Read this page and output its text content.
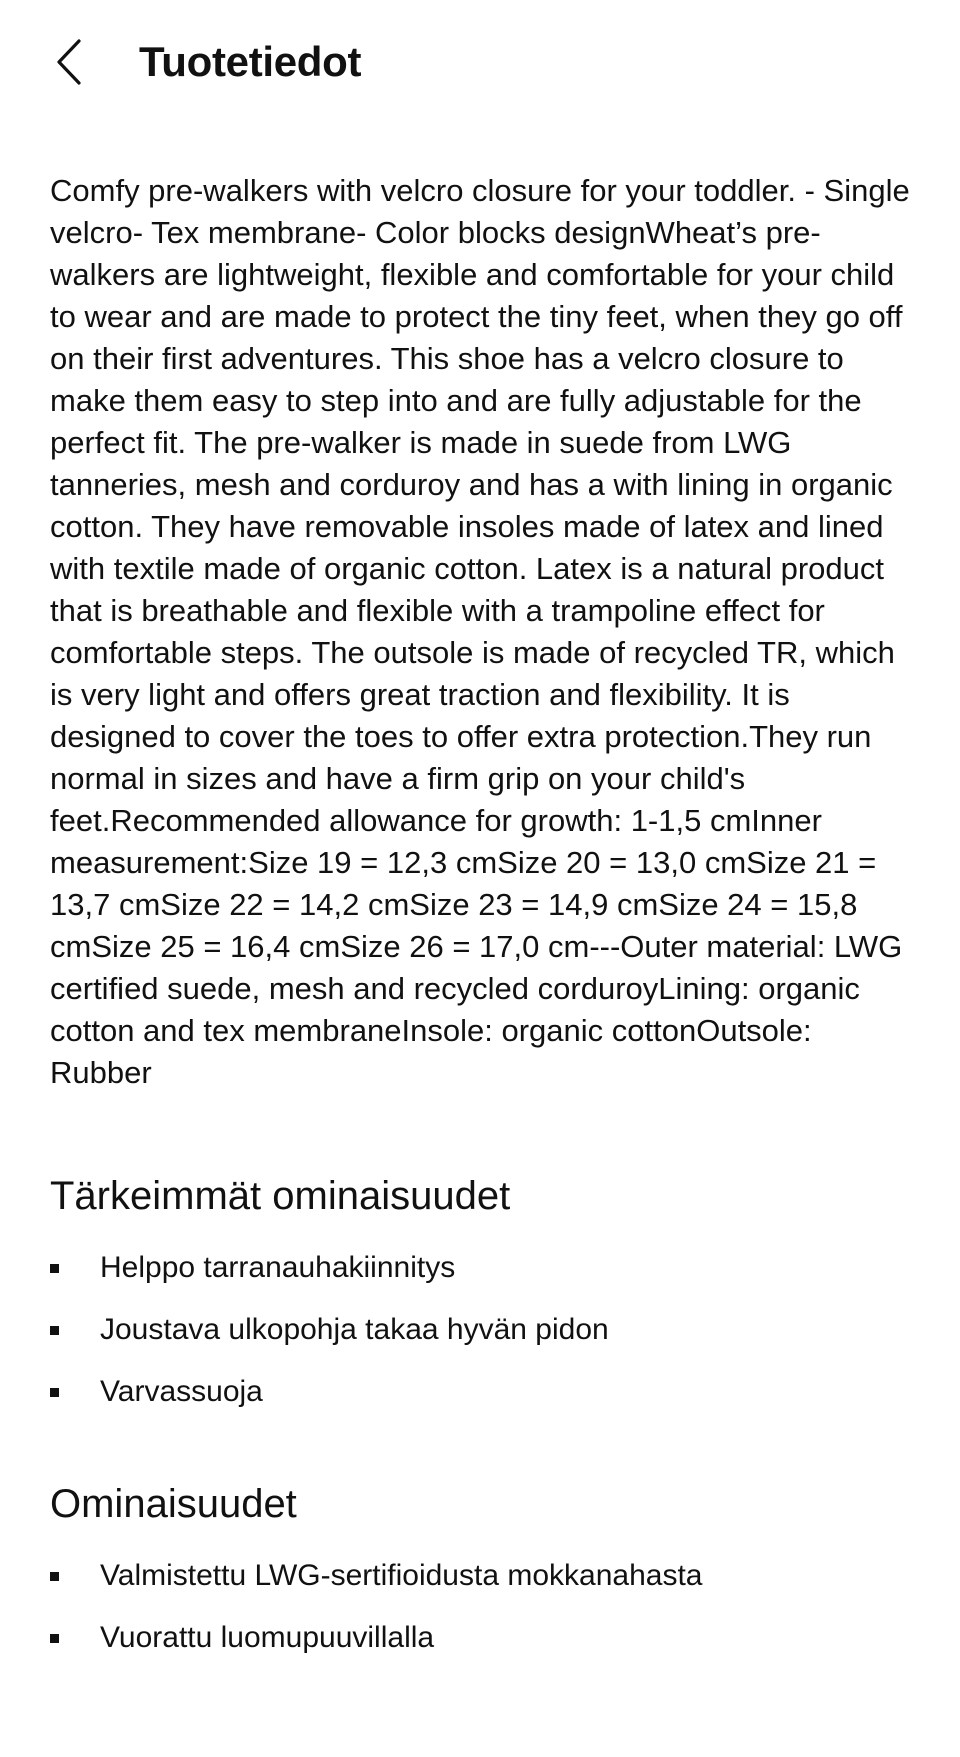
Tuotetiedot

Comfy pre-walkers with velcro closure for your toddler. - Single velcro- Tex membrane- Color blocks designWheat’s pre-walkers are lightweight, flexible and comfortable for your child to wear and are made to protect the tiny feet, when they go off on their first adventures. This shoe has a velcro closure to make them easy to step into and are fully adjustable for the perfect fit. The pre-walker is made in suede from LWG tanneries, mesh and corduroy and has a with lining in organic cotton. They have removable insoles made of latex and lined with textile made of organic cotton. Latex is a natural product that is breathable and flexible with a trampoline effect for comfortable steps. The outsole is made of recycled TR, which is very light and offers great traction and flexibility. It is designed to cover the toes to offer extra protection.They run normal in sizes and have a firm grip on your child's feet.Recommended allowance for growth: 1-1,5 cmInner measurement:Size 19 = 12,3 cmSize 20 = 13,0 cmSize 21 = 13,7 cmSize 22 = 14,2 cmSize 23 = 14,9 cmSize 24 = 15,8 cmSize 25 = 16,4 cmSize 26 = 17,0 cm---Outer material: LWG certified suede, mesh and recycled corduroyLining: organic cotton and tex membraneInsole: organic cottonOutsole: Rubber

Tärkeimmät ominaisuudet
Helppo tarranauhakiinnitys
Joustava ulkopohja takaa hyvän pidon
Varvassuoja
Ominaisuudet
Valmistettu LWG-sertifioidusta mokkanahasta
Vuorattu luomupuuvillalla
